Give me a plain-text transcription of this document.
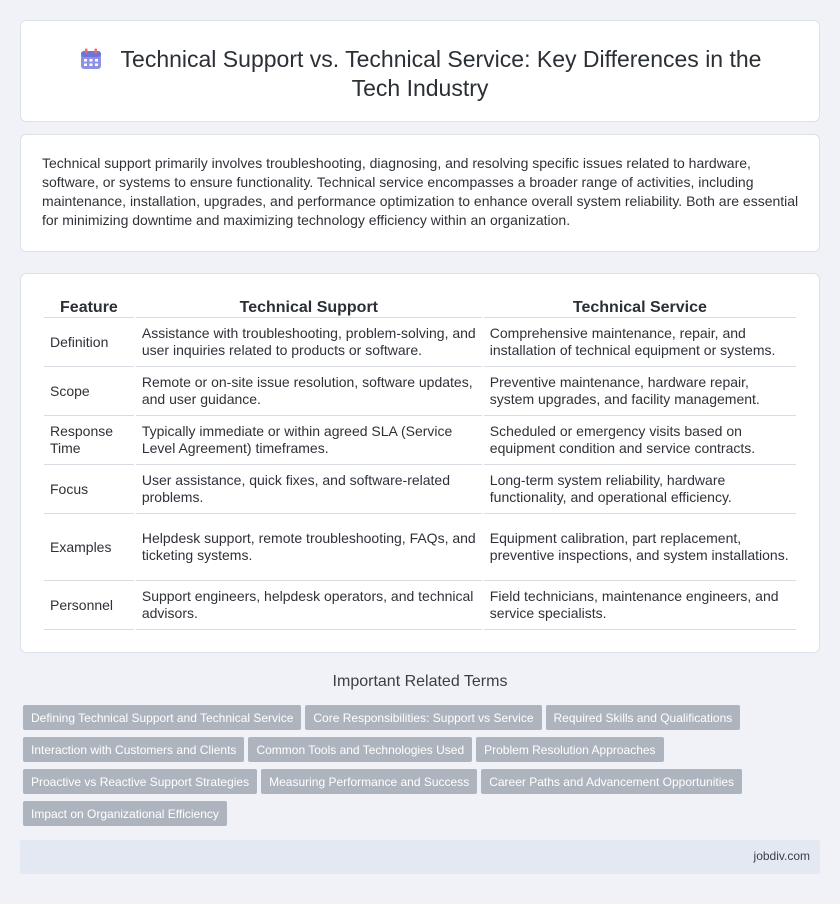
Technical Support vs. Technical Service: Key Differences in the Tech Industry

Technical support primarily involves troubleshooting, diagnosing, and resolving specific issues related to hardware, software, or systems to ensure functionality. Technical service encompasses a broader range of activities, including maintenance, installation, upgrades, and performance optimization to enhance overall system reliability. Both are essential for minimizing downtime and maximizing technology efficiency within an organization.

Feature	Technical Support	Technical Service
Definition	Assistance with troubleshooting, problem-solving, and user inquiries related to products or software.	Comprehensive maintenance, repair, and installation of technical equipment or systems.
Scope	Remote or on-site issue resolution, software updates, and user guidance.	Preventive maintenance, hardware repair, system upgrades, and facility management.
Response Time	Typically immediate or within agreed SLA (Service Level Agreement) timeframes.	Scheduled or emergency visits based on equipment condition and service contracts.
Focus	User assistance, quick fixes, and software-related problems.	Long-term system reliability, hardware functionality, and operational efficiency.
Examples	Helpdesk support, remote troubleshooting, FAQs, and ticketing systems.	Equipment calibration, part replacement, preventive inspections, and system installations.
Personnel	Support engineers, helpdesk operators, and technical advisors.	Field technicians, maintenance engineers, and service specialists.
Important Related Terms
Defining Technical Support and Technical Service Core Responsibilities: Support vs Service Required Skills and Qualifications
Interaction with Customers and Clients Common Tools and Technologies Used Problem Resolution Approaches
Proactive vs Reactive Support Strategies Measuring Performance and Success Career Paths and Advancement Opportunities
Impact on Organizational Efficiency
jobdiv.com
